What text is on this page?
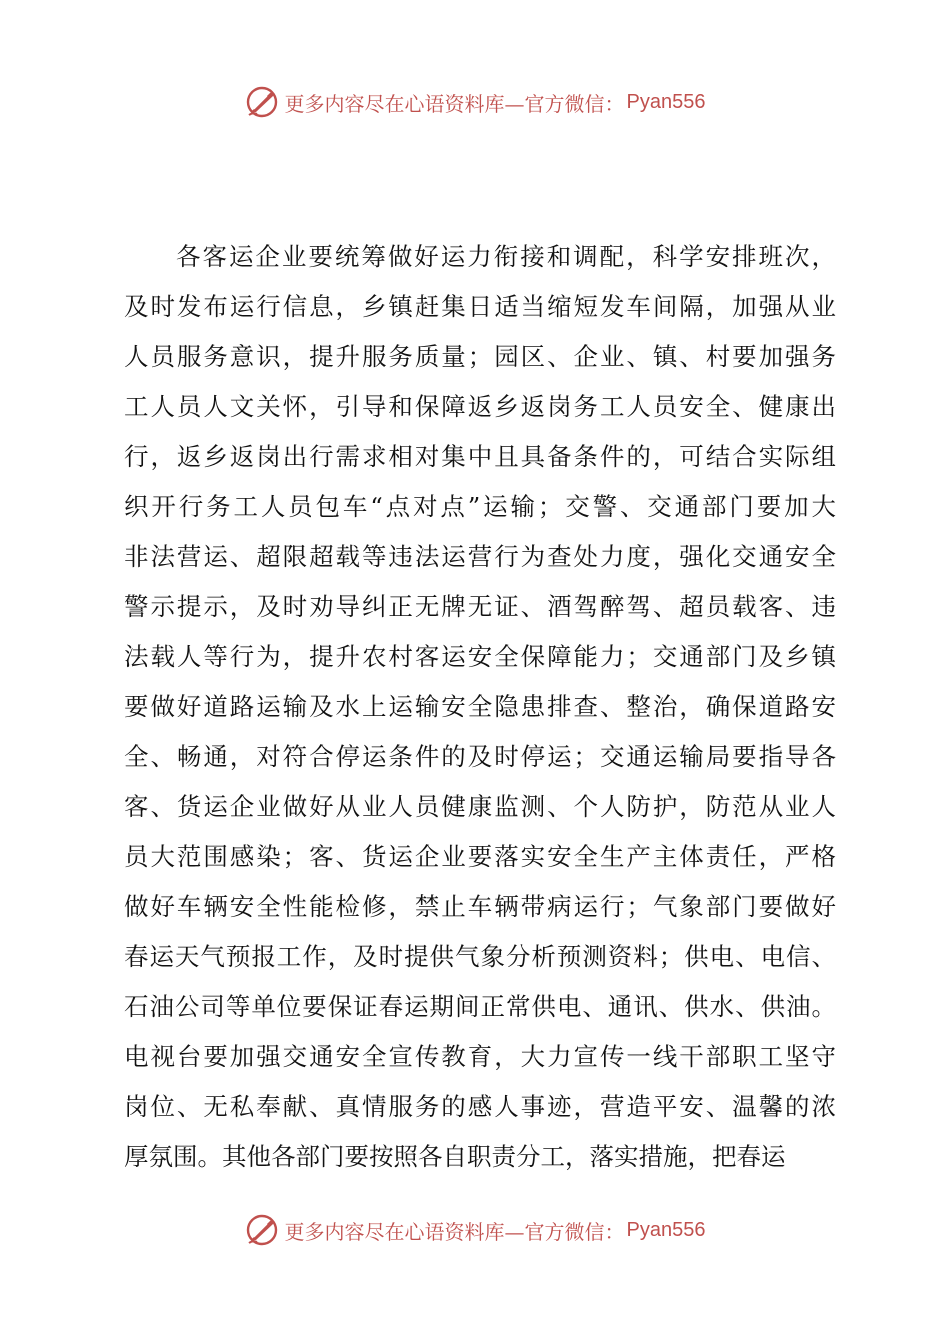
更多内容尽在心语资料库— 官方微信： Pyan556
各客运企业要统筹做好运力衔接和调配，科学安排班次，
及时发布运行信息，乡镇赶集日适当缩短发车间隔，加强从业
人员服务意识，提升服务质量；园区、企业、镇、村要加强务
工人员人文关怀，引导和保障返乡返岗务工人员安全、健康出
行，返乡返岗出行需求相对集中且具备条件的，可结合实际组
织开行务工人员包车“点对点”运输；交警、交通部门要加大
非法营运、超限超载等违法运营行为查处力度，强化交通安全
警示提示，及时劝导纠正无牌无证、酒驾醉驾、超员载客、违
法载人等行为，提升农村客运安全保障能力；交通部门及乡镇
要做好道路运输及水上运输安全隐患排查、整治，确保道路安
全、畅通，对符合停运条件的及时停运；交通运输局要指导各
客、货运企业做好从业人员健康监测、个人防护，防范从业人
员大范围感染；客、货运企业要落实安全生产主体责任，严格
做好车辆安全性能检修，禁止车辆带病运行；气象部门要做好
春运天气预报工作，及时提供气象分析预测资料；供电、电信、
石油公司等单位要保证春运期间正常供电、通讯、供水、供油。
电视台要加强交通安全宣传教育，大力宣传一线干部职工坚守
岗位、无私奉献、真情服务的感人事迹，营造平安、温馨的浓
厚氛围。其他各部门要按照各自职责分工，落实措施，把春运
更多内容尽在心语资料库— 官方微信： Pyan556
